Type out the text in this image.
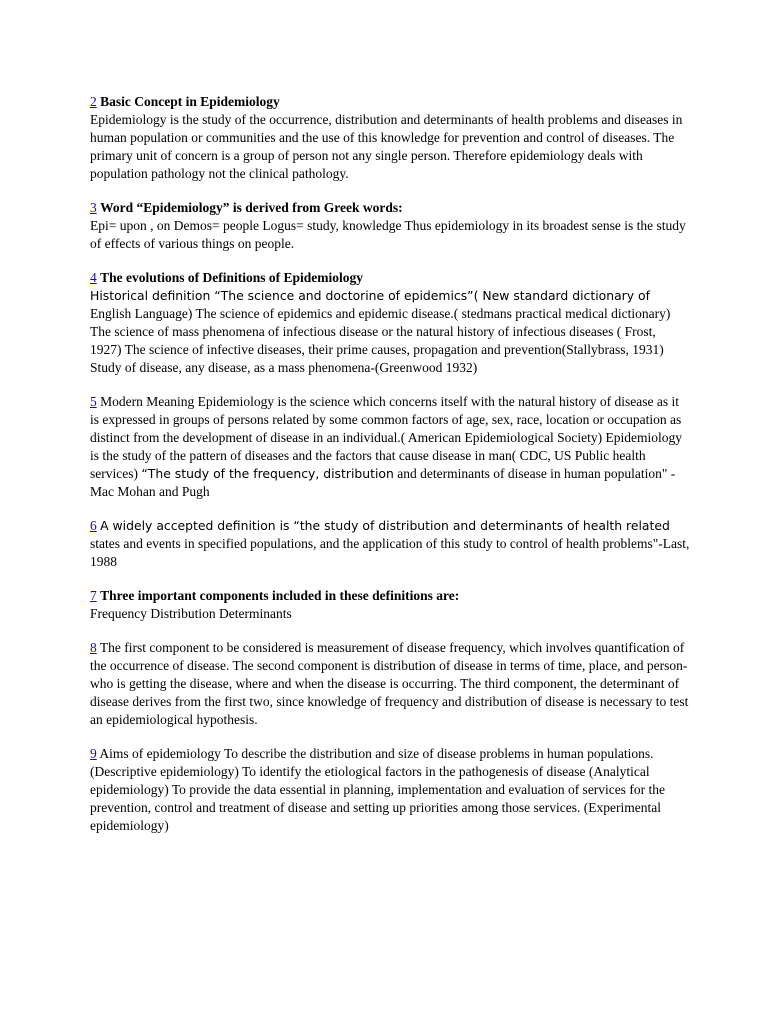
2 Basic Concept in Epidemiology

Epidemiology is the study of the occurrence, distribution and determinants of health problems and diseases in human population or communities and the use of this knowledge for prevention and control of diseases. The primary unit of concern is a group of person not any single person. Therefore epidemiology deals with population pathology not the clinical pathology.

3 Word “Epidemiology” is derived from Greek words:

Epi= upon , on Demos= people Logus= study, knowledge Thus epidemiology in its broadest sense is the study of effects of various things on people.

4 The evolutions of Definitions of Epidemiology

Historical definition “The science and doctorine of epidemics”( New standard dictionary of
English Language) The science of epidemics and epidemic disease.( stedmans practical medical dictionary) The science of mass phenomena of infectious disease or the natural history of infectious diseases ( Frost, 1927) The science of infective diseases, their prime causes, propagation and prevention(Stallybrass, 1931) Study of disease, any disease, as a mass phenomena-(Greenwood 1932)

5 Modern Meaning Epidemiology is the science which concerns itself with the natural history of disease as it is expressed in groups of persons related by some common factors of age, sex, race, location or occupation as distinct from the development of disease in an individual.( American Epidemiological Society) Epidemiology is the study of the pattern of diseases and the factors that cause disease in man( CDC, US Public health services) “The study of the frequency, distribution and determinants of disease in human population" - Mac Mohan and Pugh

6 A widely accepted definition is “the study of distribution and determinants of health related
states and events in specified populations, and the application of this study to control of health problems"-Last, 1988

7 Three important components included in these definitions are:

Frequency Distribution Determinants

8 The first component to be considered is measurement of disease frequency, which involves quantification of the occurrence of disease. The second component is distribution of disease in terms of time, place, and person- who is getting the disease, where and when the disease is occurring. The third component, the determinant of disease derives from the first two, since knowledge of frequency and distribution of disease is necessary to test an epidemiological hypothesis.

9 Aims of epidemiology To describe the distribution and size of disease problems in human populations. (Descriptive epidemiology) To identify the etiological factors in the pathogenesis of disease (Analytical epidemiology) To provide the data essential in planning, implementation and evaluation of services for the prevention, control and treatment of disease and setting up priorities among those services. (Experimental epidemiology)
